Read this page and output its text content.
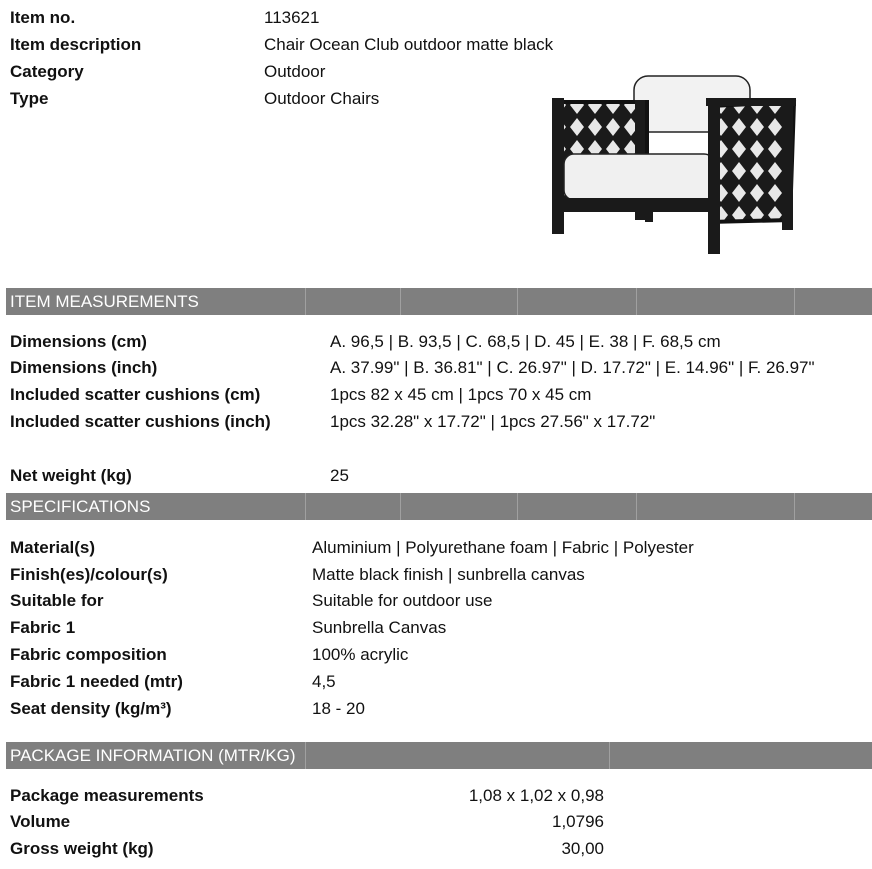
Item no.	113621
Item description	Chair Ocean Club outdoor matte black
Category	Outdoor
Type	Outdoor Chairs
ITEM MEASUREMENTS
Dimensions (cm)	A. 96,5 | B. 93,5 | C. 68,5 | D. 45 | E. 38 | F. 68,5 cm
Dimensions (inch)	A. 37.99" | B. 36.81" | C. 26.97" | D. 17.72" | E. 14.96" | F. 26.97"
Included scatter cushions (cm)	1pcs 82 x 45 cm | 1pcs 70 x 45 cm
Included scatter cushions (inch)	1pcs 32.28" x 17.72" | 1pcs 27.56" x 17.72"
Net weight (kg)	25
SPECIFICATIONS
Material(s)	Aluminium | Polyurethane foam | Fabric | Polyester
Finish(es)/colour(s)	Matte black finish | sunbrella canvas
Suitable for	Suitable for outdoor use
Fabric 1	Sunbrella Canvas
Fabric composition	100% acrylic
Fabric 1 needed (mtr)	4,5
Seat density (kg/m³)	18 - 20
PACKAGE INFORMATION (MTR/KG)
Package measurements	1,08 x 1,02 x 0,98
Volume	1,0796
Gross weight (kg)	30,00
